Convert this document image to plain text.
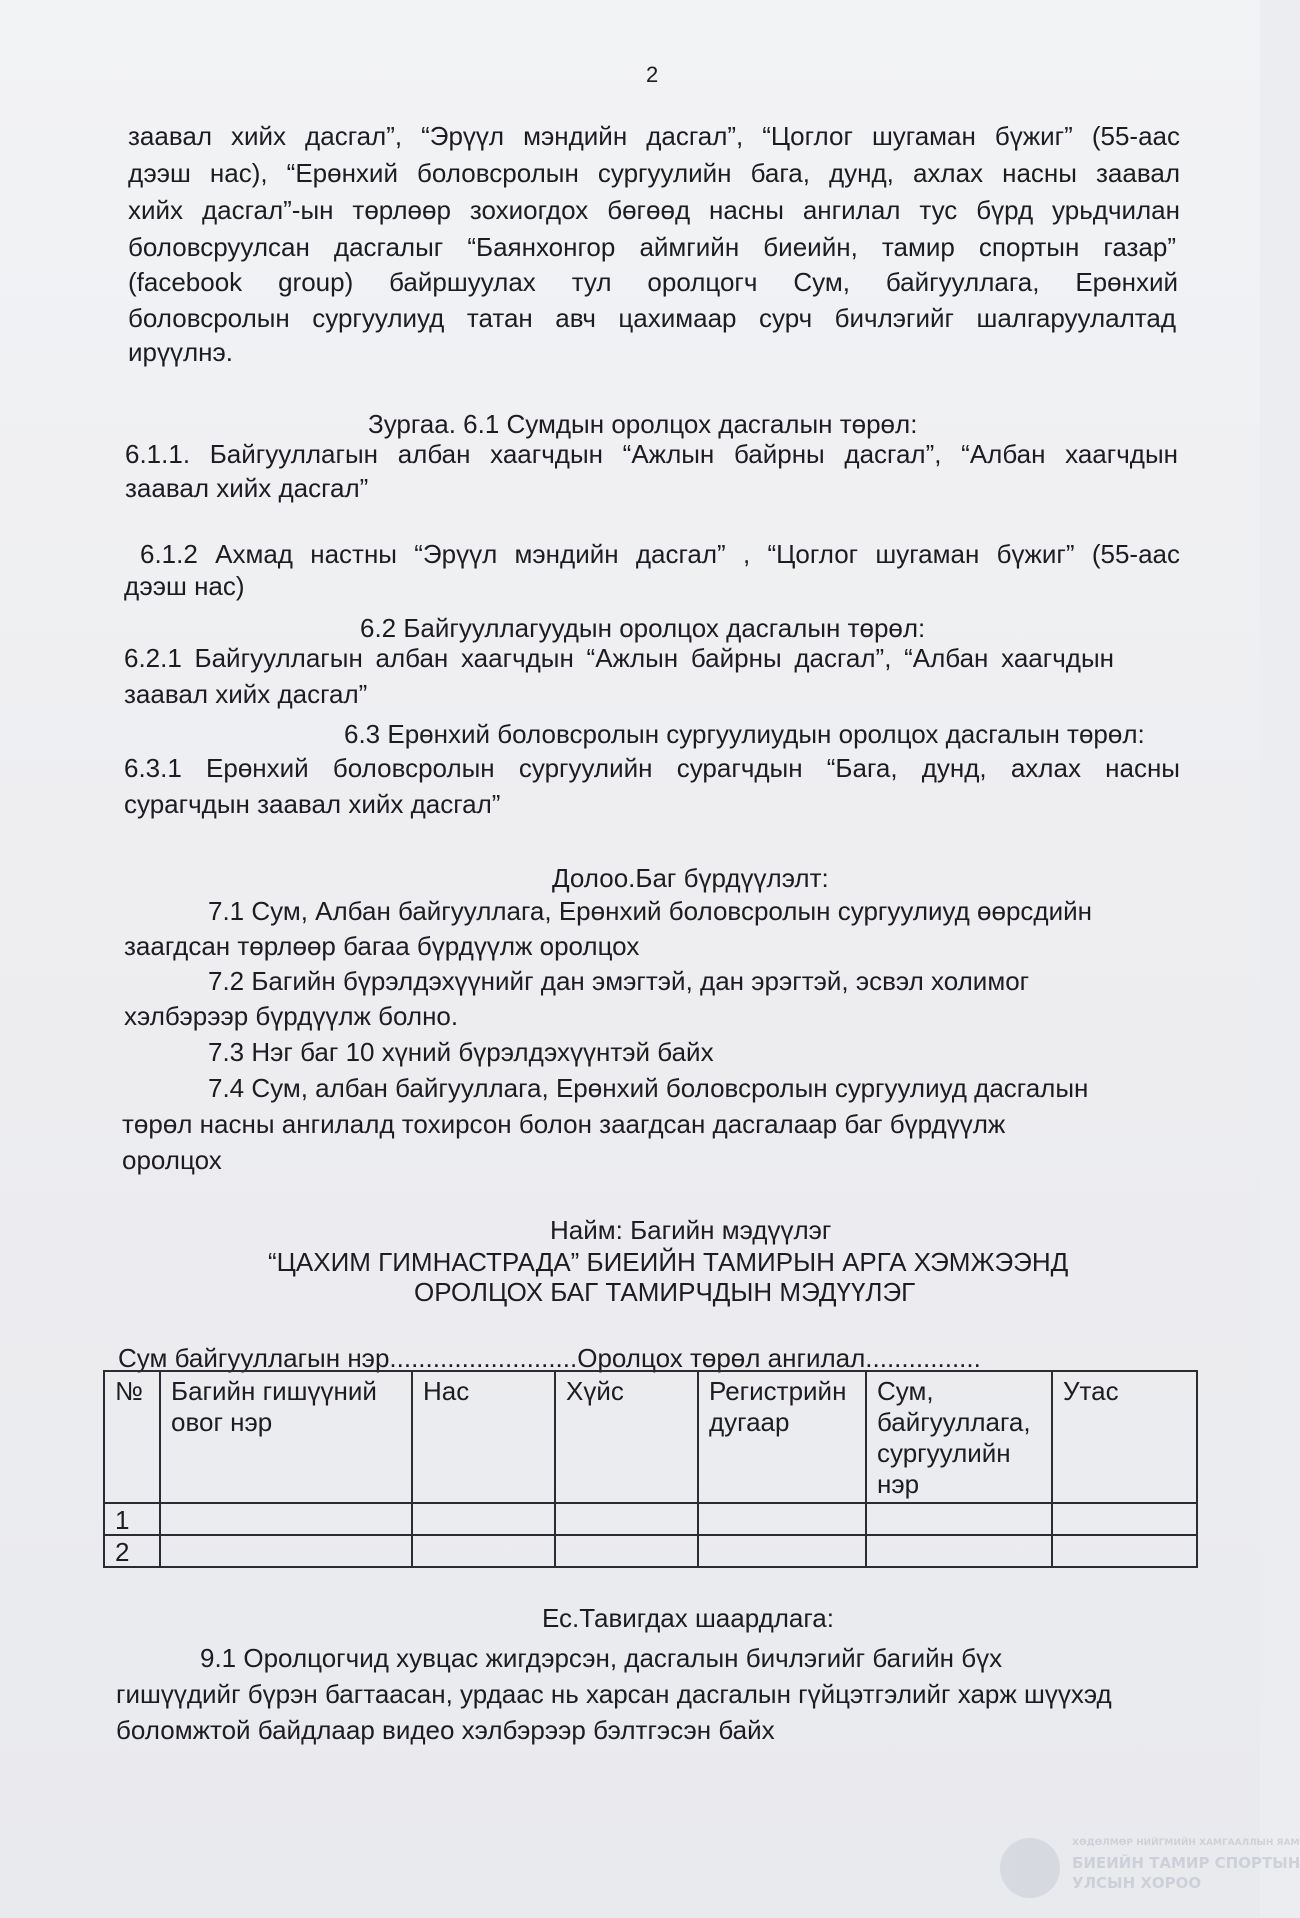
2
заавал хийх дасгал”, “Эрүүл мэндийн дасгал”, “Цоглог шугаман бүжиг” (55-аас
дээш нас), “Ерөнхий боловсролын сургуулийн бага, дунд, ахлах насны заавал
хийх дасгал”-ын төрлөөр зохиогдох бөгөөд насны ангилал тус бүрд урьдчилан
боловсруулсан дасгалыг “Баянхонгор аймгийн биеийн, тамир спортын газар”
(facebook group) байршуулах тул оролцогч Сум, байгууллага, Ерөнхий
боловсролын сургуулиуд татан авч цахимаар сурч бичлэгийг шалгаруулалтад
ирүүлнэ.
Зургаа. 6.1 Сумдын оролцох дасгалын төрөл:
6.1.1. Байгууллагын албан хаагчдын “Ажлын байрны дасгал”, “Албан хаагчдын
заавал хийх дасгал”
6.1.2 Ахмад настны “Эрүүл мэндийн дасгал” , “Цоглог шугаман бүжиг” (55-аас
дээш нас)
6.2 Байгууллагуудын оролцох дасгалын төрөл:
6.2.1 Байгууллагын албан хаагчдын “Ажлын байрны дасгал”, “Албан хаагчдын
заавал хийх дасгал”
6.3 Ерөнхий боловсролын сургуулиудын оролцох дасгалын төрөл:
6.3.1 Ерөнхий боловсролын сургуулийн сурагчдын “Бага, дунд, ахлах насны
сурагчдын заавал хийх дасгал”
Долоо.Баг бүрдүүлэлт:
7.1 Сум, Албан байгууллага, Ерөнхий боловсролын сургуулиуд өөрсдийн
заагдсан төрлөөр багаа бүрдүүлж оролцох
7.2 Багийн бүрэлдэхүүнийг дан эмэгтэй, дан эрэгтэй, эсвэл холимог
хэлбэрээр бүрдүүлж болно.
7.3 Нэг баг 10 хүний бүрэлдэхүүнтэй байх
7.4 Сум, албан байгууллага, Ерөнхий боловсролын сургуулиуд дасгалын
төрөл насны ангилалд тохирсон болон заагдсан дасгалаар баг бүрдүүлж
оролцох
Найм: Багийн мэдүүлэг
“ЦАХИМ ГИМНАСТРАДА” БИЕИЙН ТАМИРЫН АРГА ХЭМЖЭЭНД
ОРОЛЦОХ БАГ ТАМИРЧДЫН МЭДҮҮЛЭГ
Сум байгууллагын нэр..........................Оролцох төрөл ангилал................
№	Багийн гишүүний овог нэр	Нас	Хүйс	Регистрийн дугаар	Сум, байгууллага, сургуулийн нэр	Утас
1						
2						
Ес.Тавигдах шаардлага:
9.1 Оролцогчид хувцас жигдэрсэн, дасгалын бичлэгийг багийн бүх
гишүүдийг бүрэн багтаасан, урдаас нь харсан дасгалын гүйцэтгэлийг харж шүүхэд
боломжтой байдлаар видео хэлбэрээр бэлтгэсэн байх
ХӨДӨЛМӨР НИЙГМИЙН ХАМГААЛЛЫН ЯАМ
БИЕИЙН ТАМИР СПОРТЫН
УЛСЫН ХОРОО
